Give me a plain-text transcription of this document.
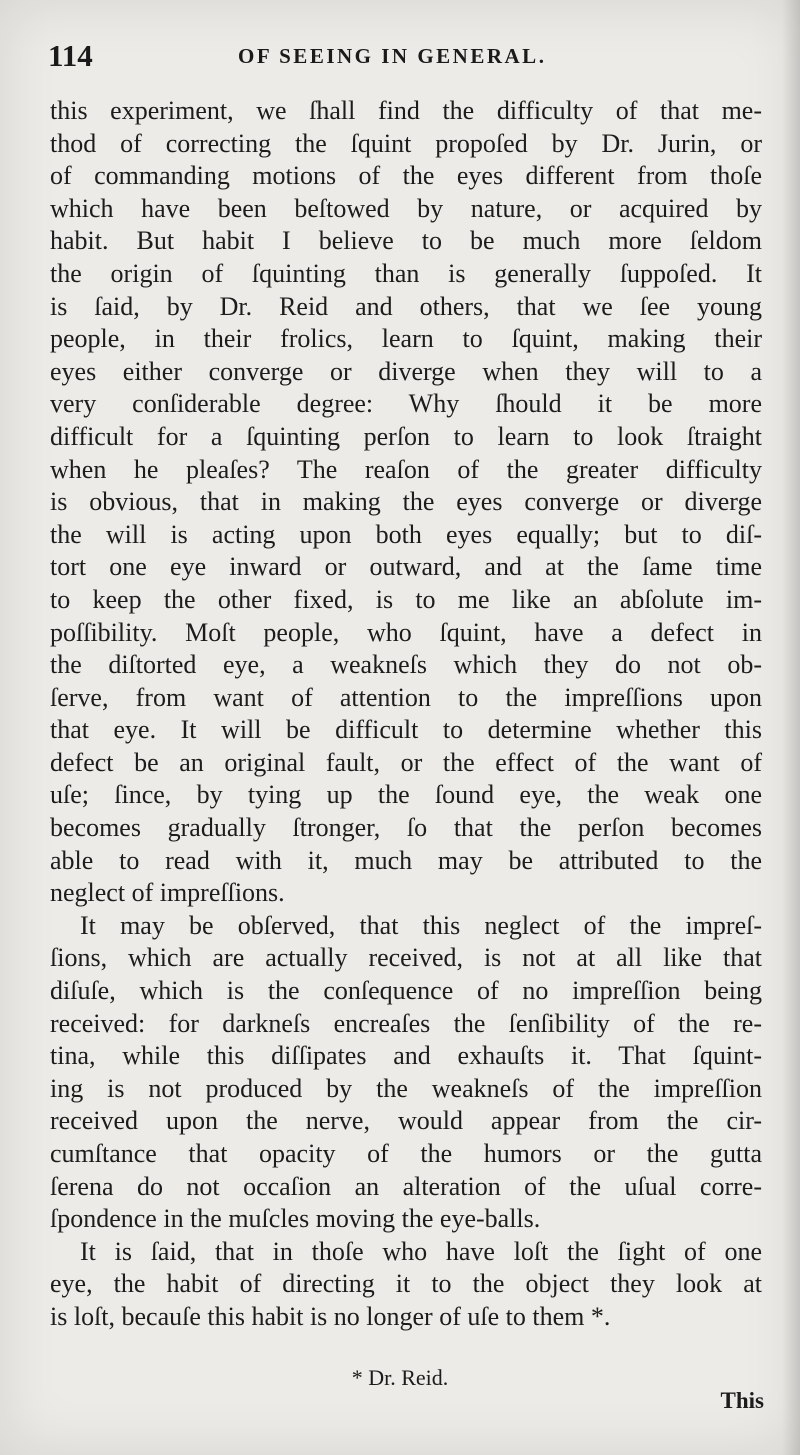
114	OF SEEING IN GENERAL.
this experiment, we ſhall find the difficulty of that me-
thod of correcting the ſquint propoſed by Dr. Jurin, or
of commanding motions of the eyes different from thoſe
which have been beſtowed by nature, or acquired by
habit. But habit I believe to be much more ſeldom
the origin of ſquinting than is generally ſuppoſed. It
is ſaid, by Dr. Reid and others, that we ſee young
people, in their frolics, learn to ſquint, making their
eyes either converge or diverge when they will to a
very conſiderable degree: Why ſhould it be more
difficult for a ſquinting perſon to learn to look ſtraight
when he pleaſes? The reaſon of the greater difficulty
is obvious, that in making the eyes converge or diverge
the will is acting upon both eyes equally; but to diſ-
tort one eye inward or outward, and at the ſame time
to keep the other fixed, is to me like an abſolute im-
poſſibility. Moſt people, who ſquint, have a defect in
the diſtorted eye, a weakneſs which they do not ob-
ſerve, from want of attention to the impreſſions upon
that eye. It will be difficult to determine whether this
defect be an original fault, or the effect of the want of
uſe; ſince, by tying up the ſound eye, the weak one
becomes gradually ſtronger, ſo that the perſon becomes
able to read with it, much may be attributed to the
neglect of impreſſions.
It may be obſerved, that this neglect of the impreſ-
ſions, which are actually received, is not at all like that
diſuſe, which is the conſequence of no impreſſion being
received: for darkneſs encreaſes the ſenſibility of the re-
tina, while this diſſipates and exhauſts it. That ſquint-
ing is not produced by the weakneſs of the impreſſion
received upon the nerve, would appear from the cir-
cumſtance that opacity of the humors or the gutta
ſerena do not occaſion an alteration of the uſual corre-
ſpondence in the muſcles moving the eye-balls.
It is ſaid, that in thoſe who have loſt the ſight of one
eye, the habit of directing it to the object they look at
is loſt, becauſe this habit is no longer of uſe to them *.
* Dr. Reid.
This
